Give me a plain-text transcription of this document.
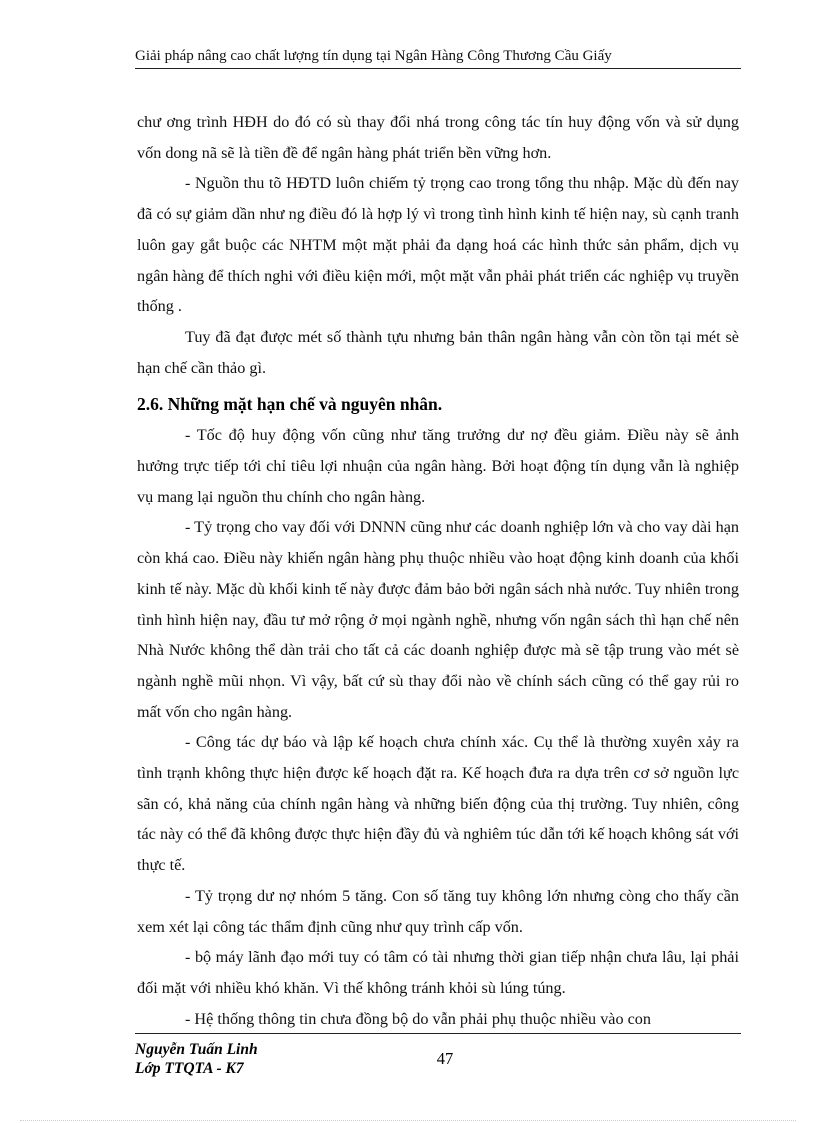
Giải pháp nâng cao chất lượng tín dụng tại Ngân Hàng Công Thương Cầu Giấy

chư ơng trình HĐH do đó có sù thay đổi nhá trong công tác tín huy động vốn và sử dụng vốn dong nã sẽ là tiền đề để ngân hàng phát triển bền vững hơn.

- Nguồn thu tõ HĐTD luôn chiếm tỷ trọng cao trong tổng thu nhập. Mặc dù đến nay đã có sự giảm dần như ng điều đó là hợp lý vì trong tình hình kinh tế hiện nay, sù cạnh tranh luôn gay gắt buộc các NHTM một mặt phải đa dạng hoá các hình thức sản phẩm, dịch vụ ngân hàng để thích nghi với điều kiện mới, một mặt vẫn phải phát triển các nghiệp vụ truyền thống .

Tuy đã đạt được mét số thành tựu nhưng bản thân ngân hàng vẫn còn tồn tại mét sè hạn chế cần thảo gì.

2.6. Những mặt hạn chế và nguyên nhân.

- Tốc độ huy động vốn cũng như tăng trưởng dư nợ đều giảm. Điều này sẽ ảnh hưởng trực tiếp tới chỉ tiêu lợi nhuận của ngân hàng. Bởi hoạt động tín dụng vẫn là nghiệp vụ mang lại nguồn thu chính cho ngân hàng.

- Tỷ trọng cho vay đối với DNNN cũng như các doanh nghiệp lớn và cho vay dài hạn còn khá cao. Điều này khiến ngân hàng phụ thuộc nhiều vào hoạt động kinh doanh của khối kinh tế này. Mặc dù khối kinh tế này được đảm bảo bởi ngân sách nhà nước. Tuy nhiên trong tình hình hiện nay, đầu tư mở rộng ở mọi ngành nghề, nhưng vốn ngân sách thì hạn chế nên Nhà Nước không thể dàn trải cho tất cả các doanh nghiệp được mà sẽ tập trung vào mét sè ngành nghề mũi nhọn. Vì vậy, bất cứ sù thay đổi nào về chính sách cũng có thể gay rủi ro mất vốn cho ngân hàng.

- Công tác dự báo và lập kế hoạch chưa chính xác. Cụ thể là thường xuyên xảy ra tình trạnh không thực hiện được kế hoạch đặt ra. Kế hoạch đưa ra dựa trên cơ sở nguồn lực sãn có, khả năng của chính ngân hàng và những biến động của thị trường. Tuy nhiên, công tác này có thể đã không được thực hiện đầy đủ và nghiêm túc dẫn tới kế hoạch không sát với thực tế.

- Tỷ trọng dư nợ nhóm 5 tăng. Con số tăng tuy không lớn nhưng còng cho thấy cần xem xét lại công tác thẩm định cũng như quy trình cấp vốn.

- bộ máy lãnh đạo mới tuy có tâm có tài nhưng thời gian tiếp nhận chưa lâu, lại phải đối mặt với nhiều khó khăn. Vì thế không tránh khỏi sù lúng túng.

- Hệ thống thông tin chưa đồng bộ do vẫn phải phụ thuộc nhiều vào con

Nguyễn Tuấn Linh
Lớp TTQTA - K7
47
